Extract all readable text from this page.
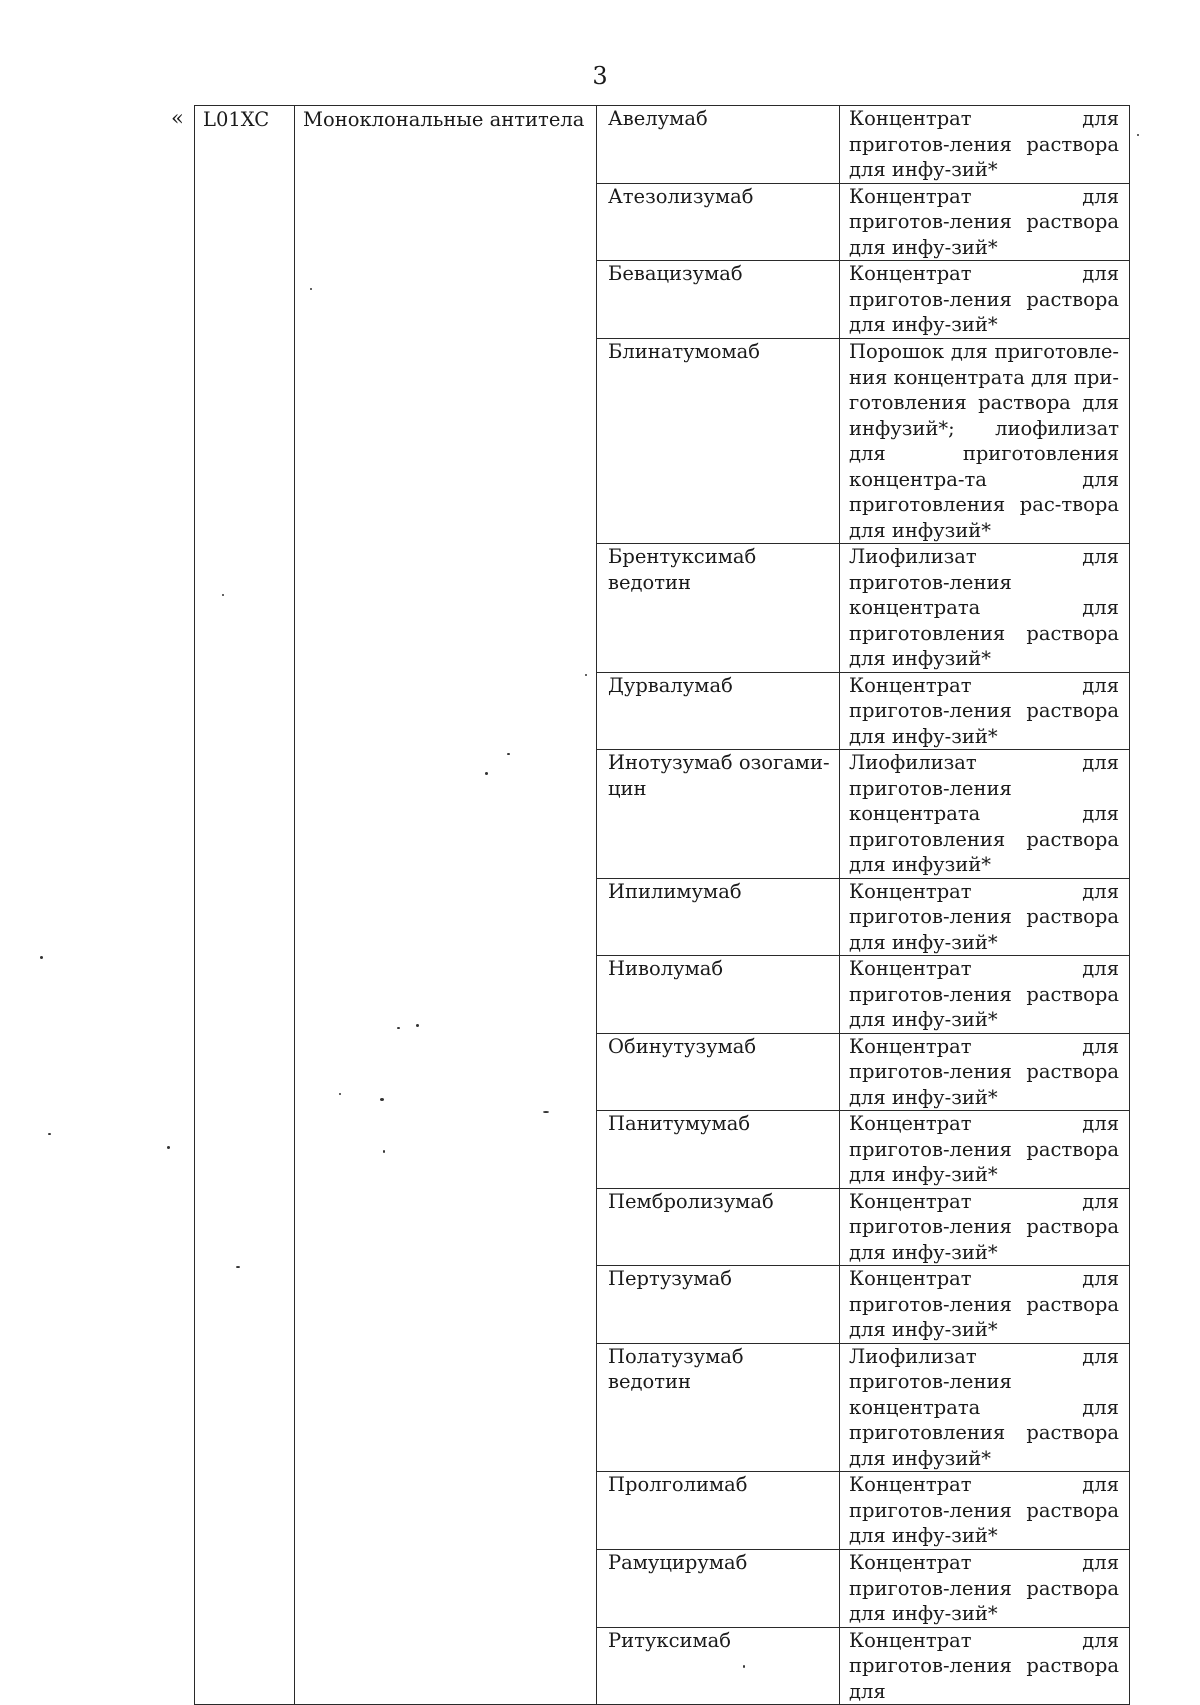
3
« L01XC	Моноклональные антитела	Авелумаб	Концентрат для приготов-ления раствора для инфу-зий*
		Атезолизумаб	Концентрат для приготов-ления раствора для инфу-зий*
		Бевацизумаб	Концентрат для приготов-ления раствора для инфу-зий*
		Блинатумомаб	Порошок для приготовле-ния концентрата для при-готовления раствора для инфузий*; лиофилизат для приготовления концентра-та для приготовления рас-твора для инфузий*
		Брентуксимаб ведотин	Лиофилизат для приготов-ления концентрата для приготовления раствора для инфузий*
		Дурвалумаб	Концентрат для приготов-ления раствора для инфу-зий*
		Инотузумаб озогами-цин	Лиофилизат для приготов-ления концентрата для приготовления раствора для инфузий*
		Ипилимумаб	Концентрат для приготов-ления раствора для инфу-зий*
		Ниволумаб	Концентрат для приготов-ления раствора для инфу-зий*
		Обинутузумаб	Концентрат для приготов-ления раствора для инфу-зий*
		Панитумумаб	Концентрат для приготов-ления раствора для инфу-зий*
		Пембролизумаб	Концентрат для приготов-ления раствора для инфу-зий*
		Пертузумаб	Концентрат для приготов-ления раствора для инфу-зий*
		Полатузумаб ведотин	Лиофилизат для приготов-ления концентрата для приготовления раствора для инфузий*
		Пролголимаб	Концентрат для приготов-ления раствора для инфу-зий*
		Рамуцирумаб	Концентрат для приготов-ления раствора для инфу-зий*
		Ритуксимаб	Концентрат для приготов-ления раствора для
